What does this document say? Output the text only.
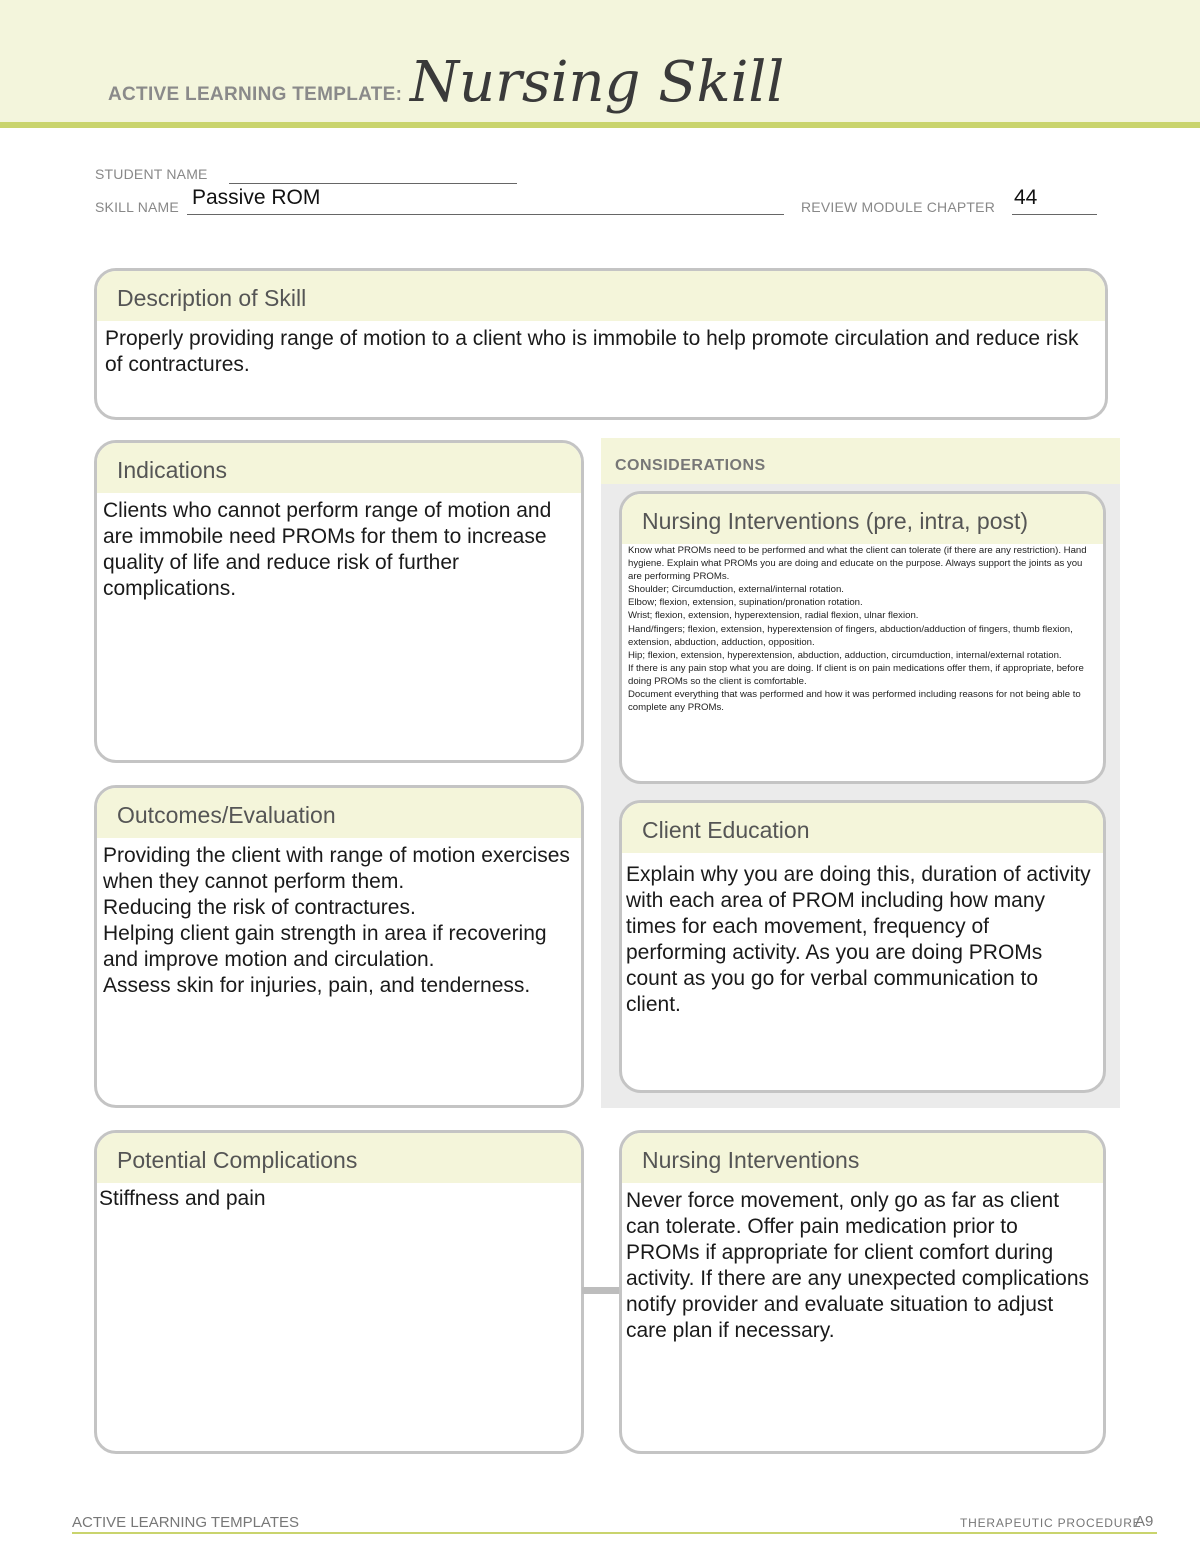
ACTIVE LEARNING TEMPLATE: Nursing Skill
STUDENT NAME
SKILL NAME Passive ROM	REVIEW MODULE CHAPTER 44
Description of Skill
Properly providing range of motion to a client who is immobile to help promote circulation and reduce risk of contractures.
Indications
Clients who cannot perform range of motion and are immobile need PROMs for them to increase quality of life and reduce risk of further complications.
CONSIDERATIONS
Nursing Interventions (pre, intra, post)
Know what PROMs need to be performed and what the client can tolerate (if there are any restriction). Hand hygiene. Explain what PROMs you are doing and educate on the purpose. Always support the joints as you are performing PROMs.
Shoulder; Circumduction, external/internal rotation.
Elbow; flexion, extension, supination/pronation rotation.
Wrist; flexion, extension, hyperextension, radial flexion, ulnar flexion.
Hand/fingers; flexion, extension, hyperextension of fingers, abduction/adduction of fingers, thumb flexion, extension, abduction, adduction, opposition.
Hip; flexion, extension, hyperextension, abduction, adduction, circumduction, internal/external rotation.
If there is any pain stop what you are doing. If client is on pain medications offer them, if appropriate, before doing PROMs so the client is comfortable.
Document everything that was performed and how it was performed including reasons for not being able to complete any PROMs.
Client Education
Explain why you are doing this, duration of activity with each area of PROM including how many times for each movement, frequency of performing activity. As you are doing PROMs count as you go for verbal communication to client.
Outcomes/Evaluation
Providing the client with range of motion exercises when they cannot perform them.
Reducing the risk of contractures.
Helping client gain strength in area if recovering and improve motion and circulation.
Assess skin for injuries, pain, and tenderness.
Potential Complications
Stiffness and pain
Nursing Interventions
Never force movement, only go as far as client can tolerate. Offer pain medication prior to PROMs if appropriate for client comfort during activity. If there are any unexpected complications notify provider and evaluate situation to adjust care plan if necessary.
ACTIVE LEARNING TEMPLATES	THERAPEUTIC PROCEDURE
A9
